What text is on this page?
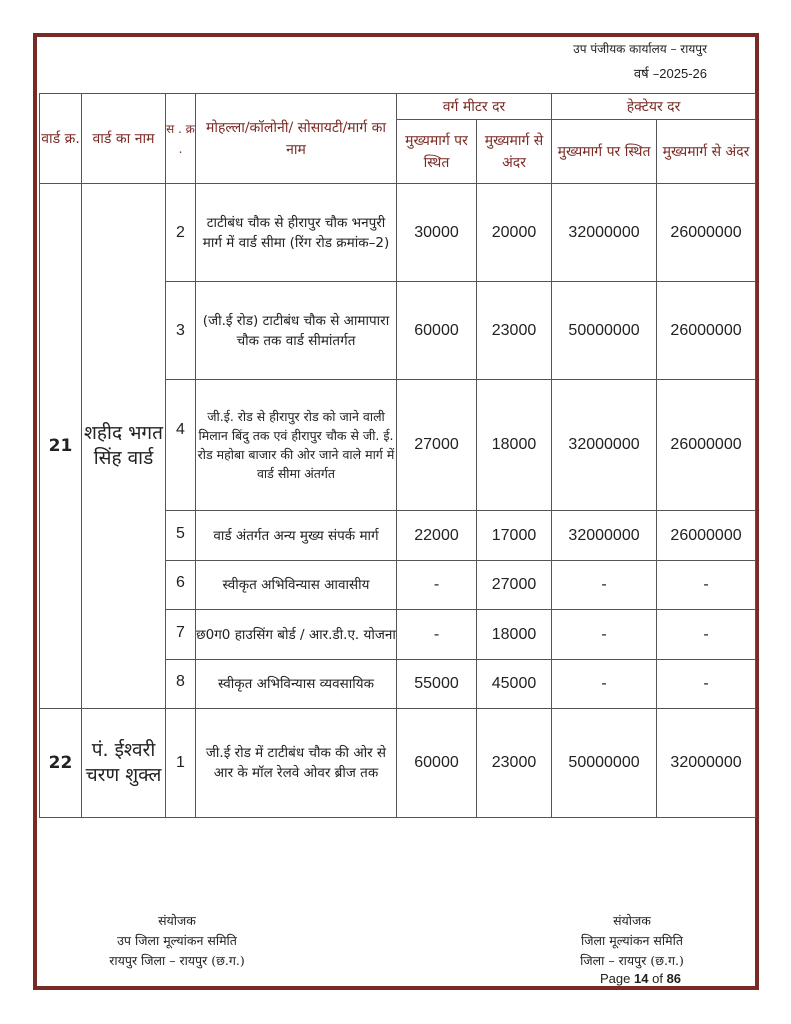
उप पंजीयक कार्यालय – रायपुर
वर्ष –2025-26
वार्ड क्र.	वार्ड का नाम	स . क्र .	मोहल्ला/कॉलोनी/ सोसायटी/मार्ग का नाम	वर्ग मीटर दर		हेक्टेयर दर	
				मुख्यमार्ग पर स्थित	मुख्यमार्ग से अंदर	मुख्यमार्ग पर स्थित	मुख्यमार्ग से अंदर
21	शहीद भगत सिंह वार्ड	2	टाटीबंध चौक से हीरापुर चौक भनपुरी मार्ग में वार्ड सीमा (रिंग रोड क्रमांक–2)	30000	20000	32000000	26000000
		3	(जी.ई रोड) टाटीबंध चौक से आमापारा चौक तक वार्ड सीमांतर्गत	60000	23000	50000000	26000000
		4	जी.ई. रोड से हीरापुर रोड को जाने वाली मिलान बिंदु तक एवं हीरापुर चौक से जी. ई. रोड महोबा बाजार की ओर जाने वाले मार्ग में वार्ड सीमा अंतर्गत	27000	18000	32000000	26000000
		5	वार्ड अंतर्गत अन्य मुख्य संपर्क मार्ग	22000	17000	32000000	26000000
		6	स्वीकृत अभिविन्यास आवासीय	-	27000	-	-
		7	छ0ग0 हाउसिंग बोर्ड / आर.डी.ए. योजना	-	18000	-	-
		8	स्वीकृत अभिविन्यास व्यवसायिक	55000	45000	-	-
22	पं. ईश्वरी चरण शुक्ल	1	जी.ई रोड में टाटीबंध चौक की ओर से आर के मॉल रेलवे ओवर ब्रीज तक	60000	23000	50000000	32000000
संयोजक
उप जिला मूल्यांकन समिति
रायपुर जिला – रायपुर (छ.ग.)
संयोजक
जिला मूल्यांकन समिति
जिला – रायपुर (छ.ग.)
Page 14 of 86
